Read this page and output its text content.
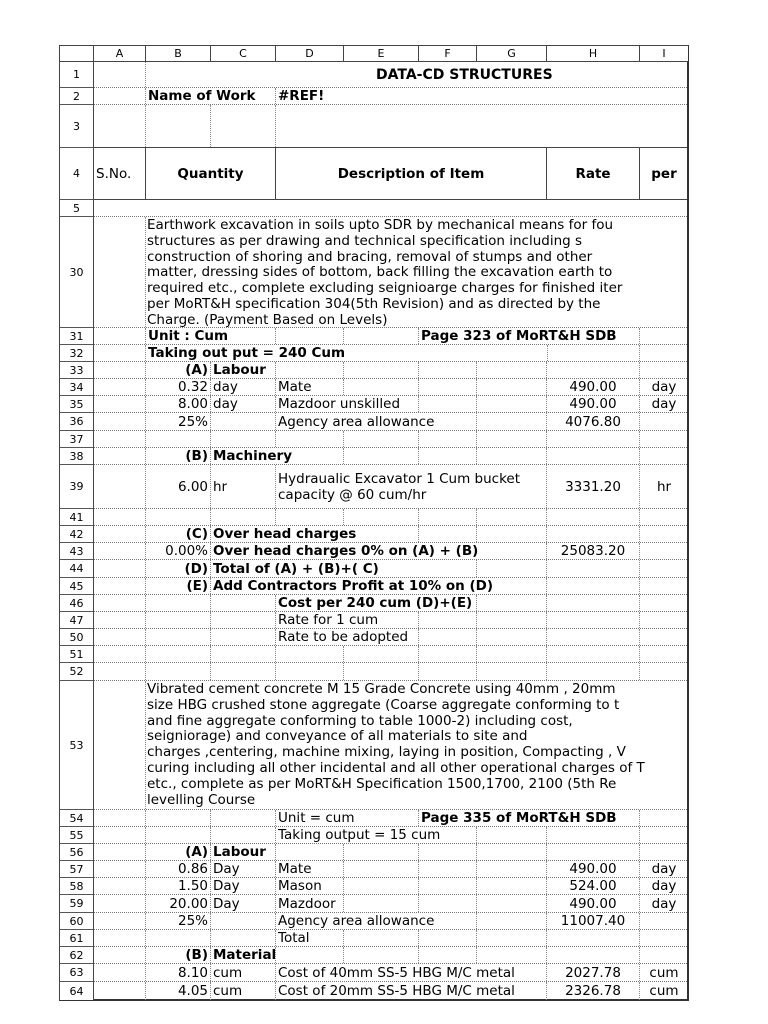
A	B	C	D	E	F	G	H	I
1
2
3
4
5
30
31
32
33
34
35
36
37
38
39
41
42
43
44
45
46
47
50
51
52
53
54
55
56
57
58
59
60
61
62
63
64
DATA-CD STRUCTURES
Name of Work	#REF!
S.No.	Quantity	Description of Item	Rate	per
Earthwork excavation in soils upto SDR by mechanical means for fou
structures as per drawing and technical specification including s
construction of shoring and bracing, removal of stumps and other
matter, dressing sides of bottom, back filling the excavation earth to
required etc., complete excluding seignioarge charges for finished iter
per MoRT&H specification 304(5th Revision) and as directed by the
Charge. (Payment Based on Levels)
Unit : Cum	Page 323 of MoRT&H SDB
Taking out put = 240 Cum
(A) Labour
0.32 day	Mate	490.00	day
8.00 day	Mazdoor unskilled	490.00	day
25%	Agency area allowance	4076.80
(B) Machinery
6.00 hr	Hydraualic Excavator 1 Cum bucket
capacity @ 60 cum/hr	3331.20	hr
(C) Over head charges
0.00% Over head charges 0% on (A) + (B)	25083.20
(D) Total of (A) + (B)+( C)
(E) Add Contractors Profit at 10% on (D)
Cost per 240 cum (D)+(E)
Rate for 1 cum
Rate to be adopted
Vibrated cement concrete M 15 Grade Concrete using 40mm , 20mm
size HBG crushed stone aggregate (Coarse aggregate conforming to t
and fine aggregate conforming to table 1000-2) including cost,
seigniorage) and conveyance of all materials to site and
charges ,centering, machine mixing, laying in position, Compacting , V
curing including all other incidental and all other operational charges of T
etc., complete as per MoRT&H Specification 1500,1700, 2100 (5th Re
levelling Course
Unit = cum	Page 335 of MoRT&H SDB
Taking output = 15 cum
(A) Labour
0.86 Day	Mate	490.00	day
1.50 Day	Mason	524.00	day
20.00 Day	Mazdoor	490.00	day
25%	Agency area allowance	11007.40
Total
(B) Material
8.10 cum	Cost of 40mm SS-5 HBG M/C metal	2027.78	cum
4.05 cum	Cost of 20mm SS-5 HBG M/C metal	2326.78	cum
